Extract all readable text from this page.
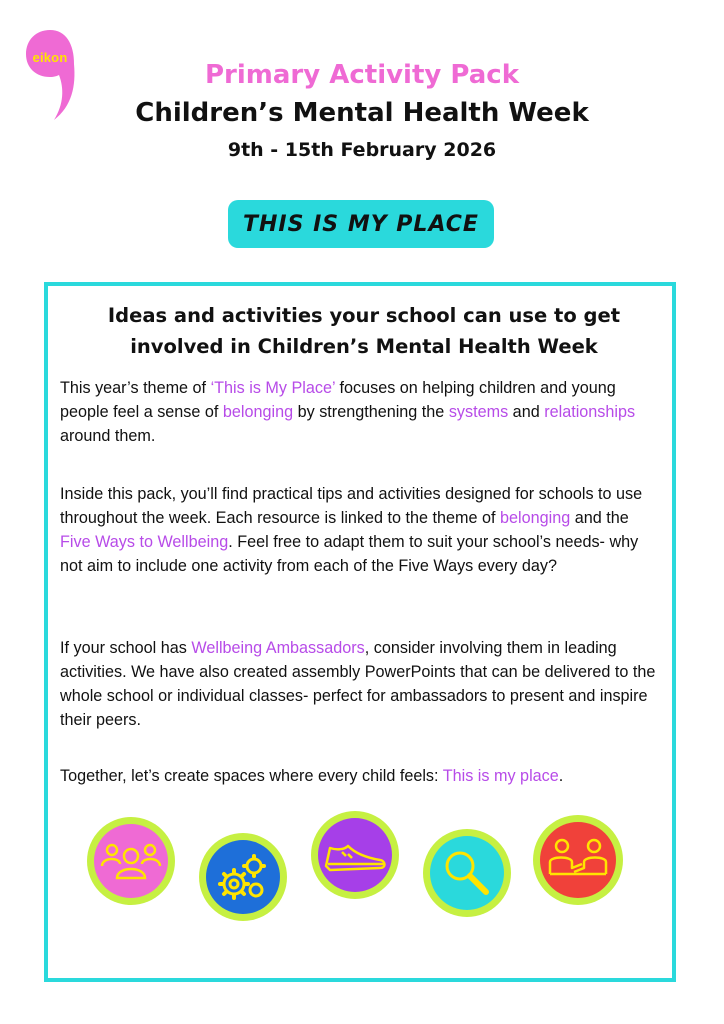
eikon
Primary Activity Pack
Children’s Mental Health Week
9th - 15th February 2026
THIS IS MY PLACE
Ideas and activities your school can use to get involved in Children’s Mental Health Week

This year’s theme of ‘This is My Place’ focuses on helping children and young people feel a sense of belonging by strengthening the systems and relationships around them.

Inside this pack, you’ll find practical tips and activities designed for schools to use throughout the week. Each resource is linked to the theme of belonging and the Five Ways to Wellbeing. Feel free to adapt them to suit your school’s needs- why not aim to include one activity from each of the Five Ways every day?

If your school has Wellbeing Ambassadors, consider involving them in leading activities. We have also created assembly PowerPoints that can be delivered to the whole school or individual classes- perfect for ambassadors to present and inspire their peers.

Together, let’s create spaces where every child feels: This is my place.
